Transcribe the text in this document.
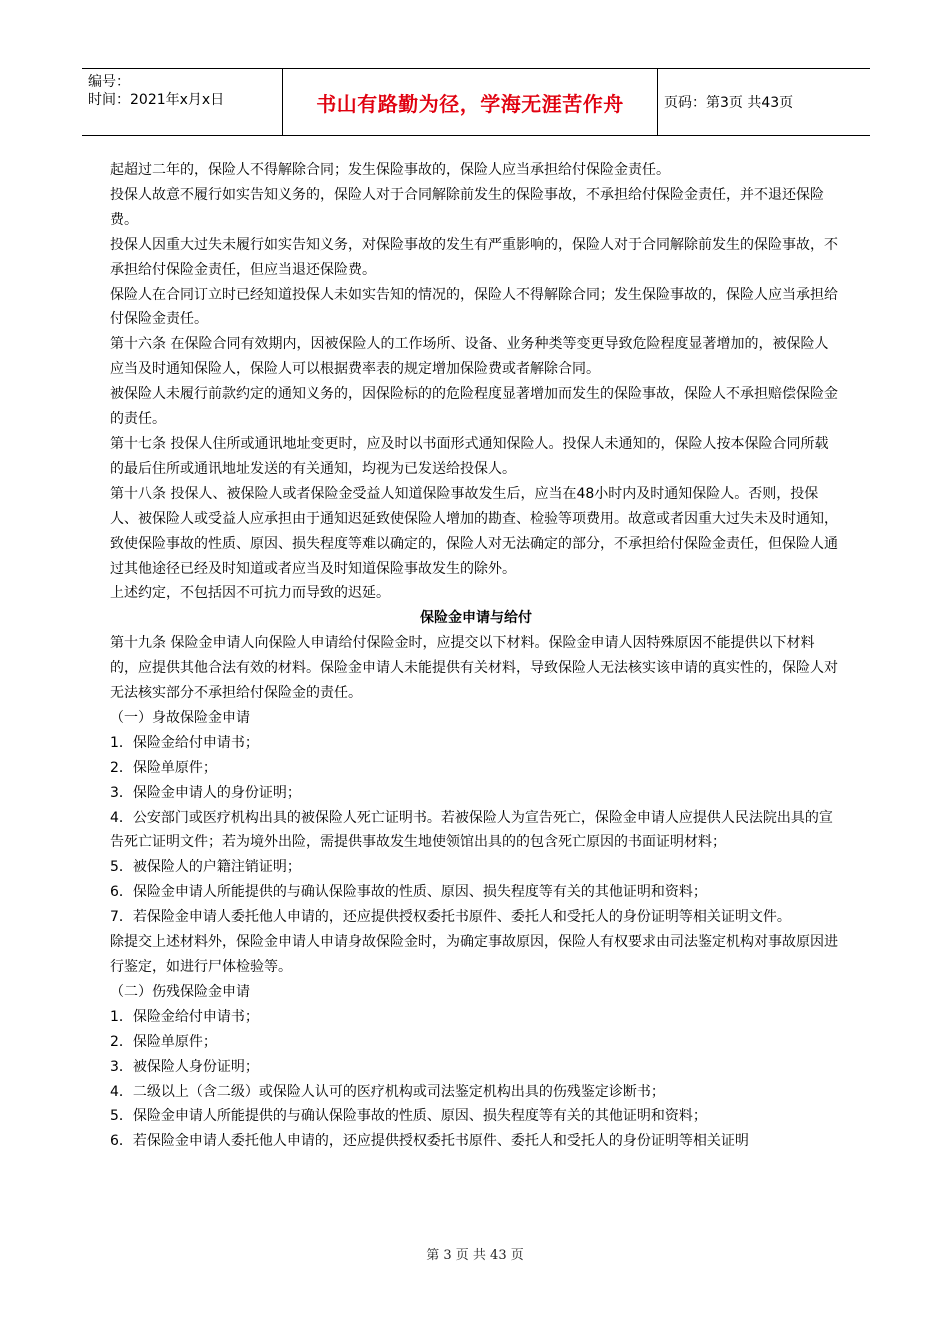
编号：
时间：2021年x月x日	书山有路勤为径，学海无涯苦作舟	页码：第3页 共43页

起超过二年的，保险人不得解除合同；发生保险事故的，保险人应当承担给付保险金责任。

投保人故意不履行如实告知义务的，保险人对于合同解除前发生的保险事故，不承担给付保险金责任，并不退还保险费。

投保人因重大过失未履行如实告知义务，对保险事故的发生有严重影响的，保险人对于合同解除前发生的保险事故，不承担给付保险金责任，但应当退还保险费。

保险人在合同订立时已经知道投保人未如实告知的情况的，保险人不得解除合同；发生保险事故的，保险人应当承担给付保险金责任。

第十六条 在保险合同有效期内，因被保险人的工作场所、设备、业务种类等变更导致危险程度显著增加的，被保险人应当及时通知保险人，保险人可以根据费率表的规定增加保险费或者解除合同。

被保险人未履行前款约定的通知义务的，因保险标的的危险程度显著增加而发生的保险事故，保险人不承担赔偿保险金的责任。

第十七条 投保人住所或通讯地址变更时，应及时以书面形式通知保险人。投保人未通知的，保险人按本保险合同所载的最后住所或通讯地址发送的有关通知，均视为已发送给投保人。

第十八条 投保人、被保险人或者保险金受益人知道保险事故发生后，应当在48小时内及时通知保险人。否则，投保人、被保险人或受益人应承担由于通知迟延致使保险人增加的勘查、检验等项费用。故意或者因重大过失未及时通知，致使保险事故的性质、原因、损失程度等难以确定的，保险人对无法确定的部分，不承担给付保险金责任，但保险人通过其他途径已经及时知道或者应当及时知道保险事故发生的除外。

上述约定，不包括因不可抗力而导致的迟延。

保险金申请与给付

第十九条 保险金申请人向保险人申请给付保险金时，应提交以下材料。保险金申请人因特殊原因不能提供以下材料的，应提供其他合法有效的材料。保险金申请人未能提供有关材料，导致保险人无法核实该申请的真实性的，保险人对无法核实部分不承担给付保险金的责任。

（一）身故保险金申请

1．保险金给付申请书；

2．保险单原件；

3．保险金申请人的身份证明；

4．公安部门或医疗机构出具的被保险人死亡证明书。若被保险人为宣告死亡，保险金申请人应提供人民法院出具的宣告死亡证明文件；若为境外出险，需提供事故发生地使领馆出具的的包含死亡原因的书面证明材料；

5．被保险人的户籍注销证明；

6．保险金申请人所能提供的与确认保险事故的性质、原因、损失程度等有关的其他证明和资料；

7．若保险金申请人委托他人申请的，还应提供授权委托书原件、委托人和受托人的身份证明等相关证明文件。

除提交上述材料外，保险金申请人申请身故保险金时，为确定事故原因，保险人有权要求由司法鉴定机构对事故原因进行鉴定，如进行尸体检验等。

（二）伤残保险金申请

1．保险金给付申请书；

2．保险单原件；

3．被保险人身份证明；

4．二级以上（含二级）或保险人认可的医疗机构或司法鉴定机构出具的伤残鉴定诊断书；

5．保险金申请人所能提供的与确认保险事故的性质、原因、损失程度等有关的其他证明和资料；

6．若保险金申请人委托他人申请的，还应提供授权委托书原件、委托人和受托人的身份证明等相关证明

第 3 页 共 43 页
